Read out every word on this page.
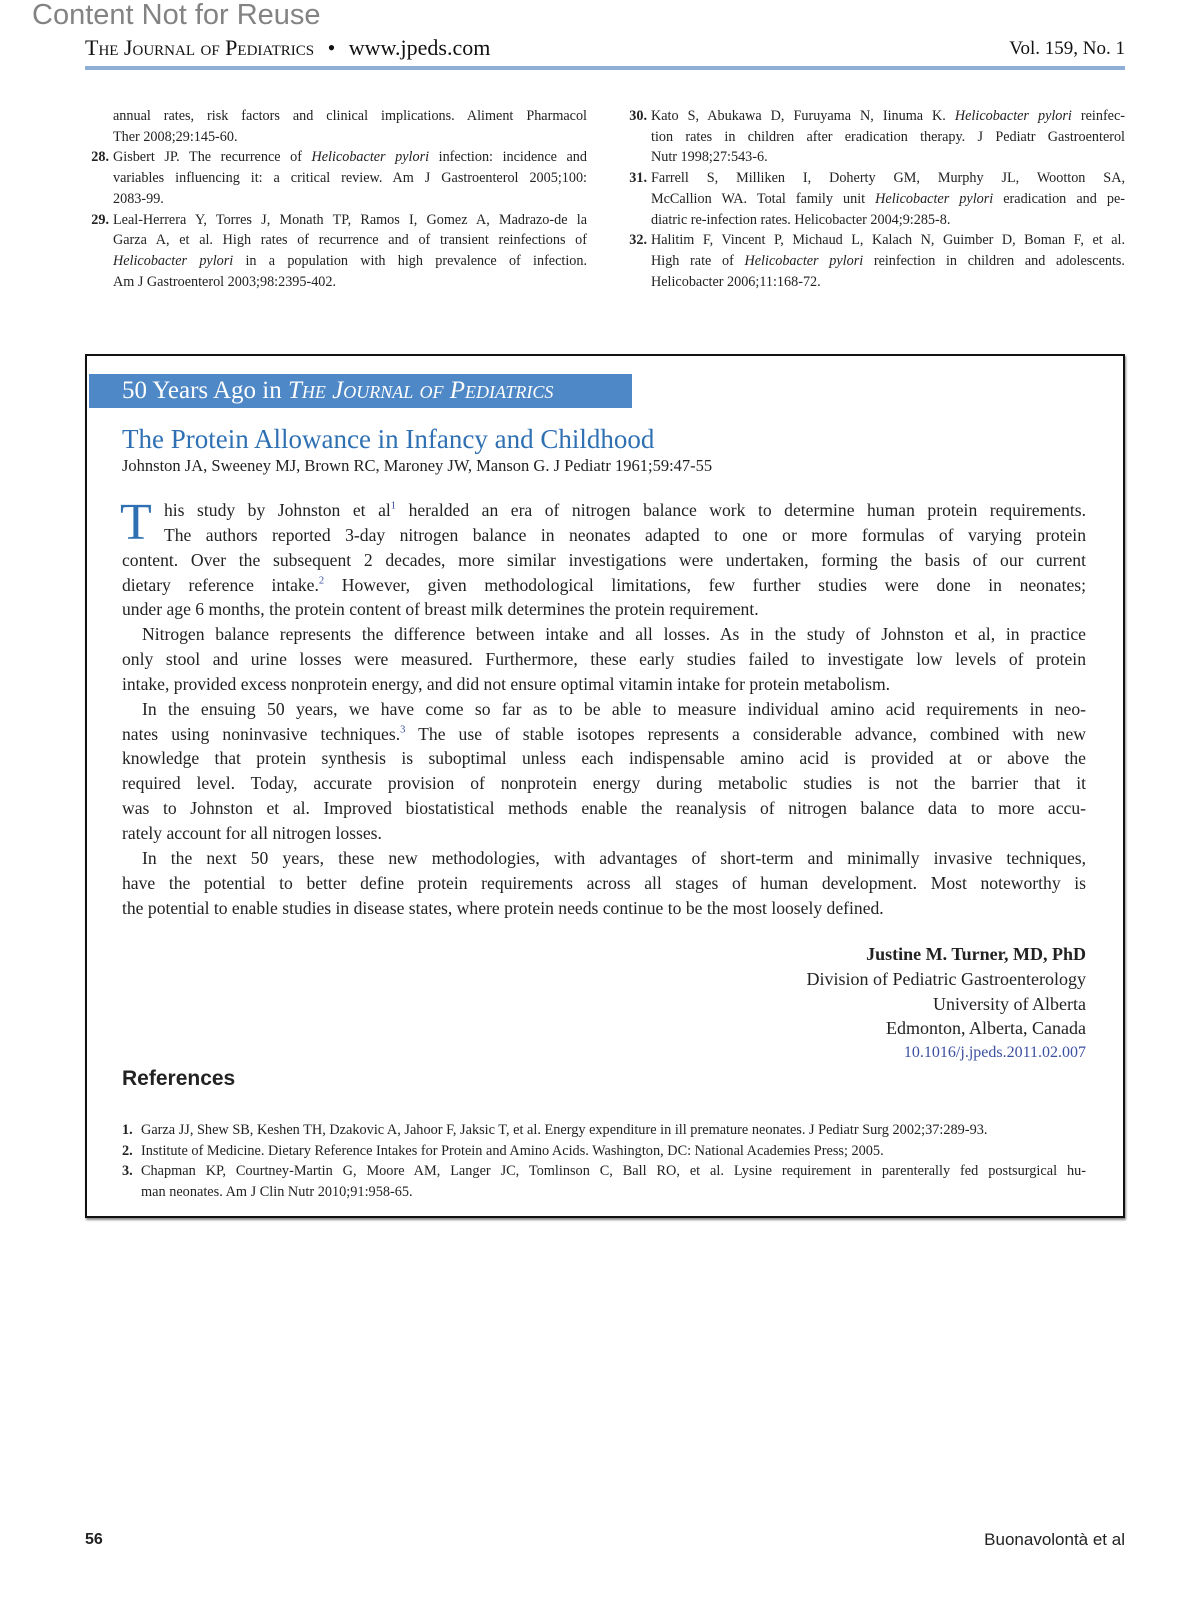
Content Not for Reuse
The Journal of Pediatrics • www.jpeds.com	Vol. 159, No. 1
annual rates, risk factors and clinical implications. Aliment Pharmacol
Ther 2008;29:145-60.
28. Gisbert JP. The recurrence of Helicobacter pylori infection: incidence and
variables influencing it: a critical review. Am J Gastroenterol 2005;100:
2083-99.
29. Leal-Herrera Y, Torres J, Monath TP, Ramos I, Gomez A, Madrazo-de la
Garza A, et al. High rates of recurrence and of transient reinfections of
Helicobacter pylori in a population with high prevalence of infection.
Am J Gastroenterol 2003;98:2395-402.
30. Kato S, Abukawa D, Furuyama N, Iinuma K. Helicobacter pylori reinfec-
tion rates in children after eradication therapy. J Pediatr Gastroenterol
Nutr 1998;27:543-6.
31. Farrell S, Milliken I, Doherty GM, Murphy JL, Wootton SA,
McCallion WA. Total family unit Helicobacter pylori eradication and pe-
diatric re-infection rates. Helicobacter 2004;9:285-8.
32. Halitim F, Vincent P, Michaud L, Kalach N, Guimber D, Boman F, et al.
High rate of Helicobacter pylori reinfection in children and adolescents.
Helicobacter 2006;11:168-72.
50 Years Ago in The Journal of Pediatrics
The Protein Allowance in Infancy and Childhood
Johnston JA, Sweeney MJ, Brown RC, Maroney JW, Manson G. J Pediatr 1961;59:47-55
T his study by Johnston et $al^1$ heralded an era of nitrogen balance work to determine human protein requirements.
The authors reported 3-day nitrogen balance in neonates adapted to one or more formulas of varying protein
content. Over the subsequent 2 decades, more similar investigations were undertaken, forming the basis of our current
dietary reference intake.$^2$ However, given methodological limitations, few further studies were done in neonates;
under age 6 months, the protein content of breast milk determines the protein requirement.
Nitrogen balance represents the difference between intake and all losses. As in the study of Johnston et al, in practice
only stool and urine losses were measured. Furthermore, these early studies failed to investigate low levels of protein
intake, provided excess nonprotein energy, and did not ensure optimal vitamin intake for protein metabolism.
In the ensuing 50 years, we have come so far as to be able to measure individual amino acid requirements in neo-
nates using noninvasive techniques.$^3$ The use of stable isotopes represents a considerable advance, combined with new
knowledge that protein synthesis is suboptimal unless each indispensable amino acid is provided at or above the
required level. Today, accurate provision of nonprotein energy during metabolic studies is not the barrier that it
was to Johnston et al. Improved biostatistical methods enable the reanalysis of nitrogen balance data to more accu-
rately account for all nitrogen losses.
In the next 50 years, these new methodologies, with advantages of short-term and minimally invasive techniques,
have the potential to better define protein requirements across all stages of human development. Most noteworthy is
the potential to enable studies in disease states, where protein needs continue to be the most loosely defined.
Justine M. Turner, MD, PhD
Division of Pediatric Gastroenterology
University of Alberta
Edmonton, Alberta, Canada
10.1016/j.jpeds.2011.02.007
References
1. Garza JJ, Shew SB, Keshen TH, Dzakovic A, Jahoor F, Jaksic T, et al. Energy expenditure in ill premature neonates. J Pediatr Surg 2002;37:289-93.
2. Institute of Medicine. Dietary Reference Intakes for Protein and Amino Acids. Washington, DC: National Academies Press; 2005.
3. Chapman KP, Courtney-Martin G, Moore AM, Langer JC, Tomlinson C, Ball RO, et al. Lysine requirement in parenterally fed postsurgical hu-
man neonates. Am J Clin Nutr 2010;91:958-65.
56	Buonavolontà et al
